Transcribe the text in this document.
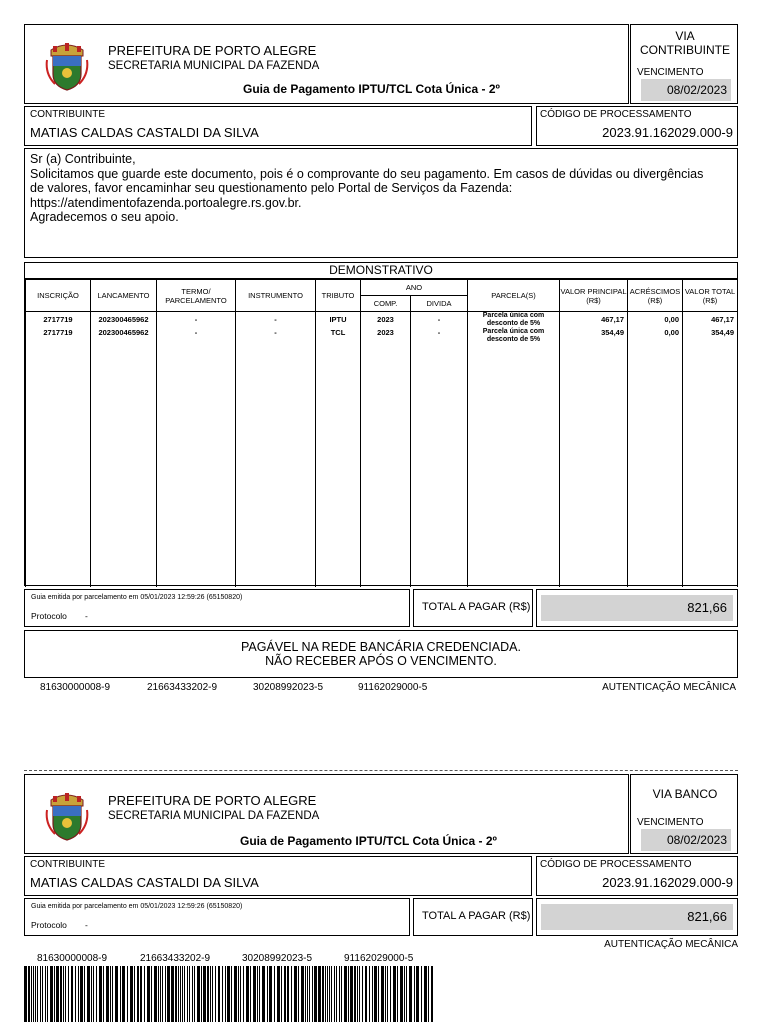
PREFEITURA DE PORTO ALEGRE
SECRETARIA MUNICIPAL DA FAZENDA
Guia de Pagamento IPTU/TCL Cota Única - 2º
VIA CONTRIBUINTE
VENCIMENTO
08/02/2023
CONTRIBUINTE
MATIAS CALDAS CASTALDI DA SILVA
CÓDIGO DE PROCESSAMENTO
2023.91.162029.000-9
Sr (a) Contribuinte,
Solicitamos que guarde este documento, pois é o comprovante do seu pagamento. Em casos de dúvidas ou divergências
de valores, favor encaminhar seu questionamento pelo Portal de Serviços da Fazenda:
https://atendimentofazenda.portoalegre.rs.gov.br.
Agradecemos o seu apoio.
DEMONSTRATIVO
INSCRIÇÃO	LANCAMENTO	TERMO/ PARCELAMENTO	INSTRUMENTO	TRIBUTO	ANO		PARCELA(S)	VALOR PRINCIPAL (R$)	ACRÉSCIMOS (R$)	VALOR TOTAL (R$)
					COMP.	DIVIDA				
2717719	202300465962	-	-	IPTU	2023	-	Parcela única com desconto de 5%	467,17	0,00	467,17
2717719	202300465962	-	-	TCL	2023	-	Parcela única com desconto de 5%	354,49	0,00	354,49

Guia emitida por parcelamento em 05/01/2023 12:59:26 (65150820)
Protocolo -
TOTAL A PAGAR (R$)	821,66
PAGÁVEL NA REDE BANCÁRIA CREDENCIADA.
NÃO RECEBER APÓS O VENCIMENTO.
81630000008-9	21663433202-9	30208992023-5	91162029000-5	AUTENTICAÇÃO MECÂNICA
PREFEITURA DE PORTO ALEGRE
SECRETARIA MUNICIPAL DA FAZENDA
Guia de Pagamento IPTU/TCL Cota Única - 2º
VIA BANCO
VENCIMENTO
08/02/2023
CONTRIBUINTE
MATIAS CALDAS CASTALDI DA SILVA
CÓDIGO DE PROCESSAMENTO
2023.91.162029.000-9
Guia emitida por parcelamento em 05/01/2023 12:59:26 (65150820)
Protocolo -
TOTAL A PAGAR (R$)	821,66
AUTENTICAÇÃO MECÂNICA
81630000008-9	21663433202-9	30208992023-5	91162029000-5
